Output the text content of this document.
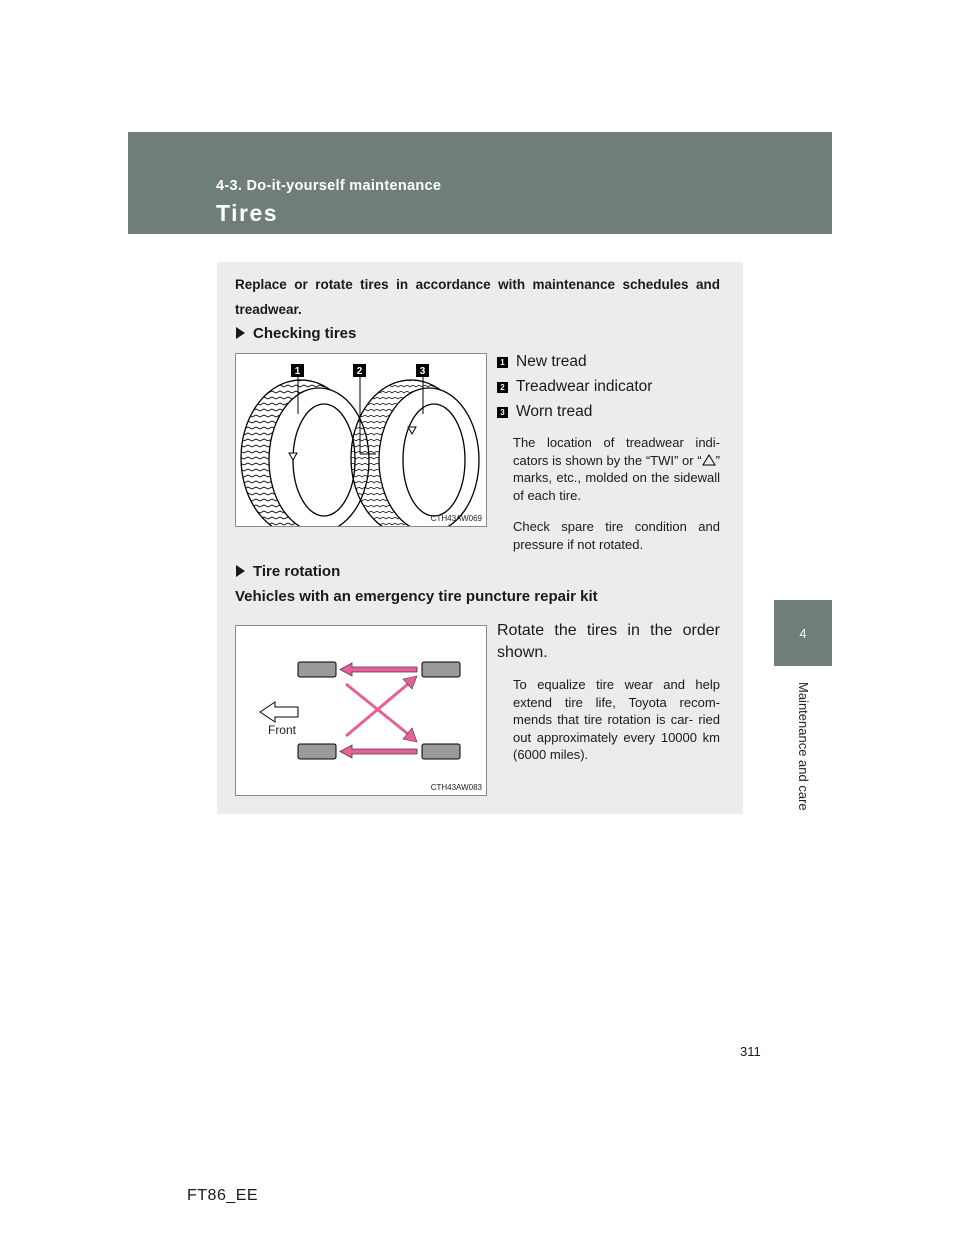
4-3. Do-it-yourself maintenance
Tires
4
Maintenance and care
Replace or rotate tires in accordance with maintenance schedules and treadwear.
Checking tires
1	2	3
CTH43AW069
1 New tread
2 Treadwear indicator
3 Worn tread
The location of treadwear indi- cators is shown by the “TWI” or “ ” marks, etc., molded on the sidewall of each tire.
Check spare tire condition and pressure if not rotated.
Tire rotation
Vehicles with an emergency tire puncture repair kit
Front
CTH43AW083
Rotate the tires in the order shown.
To equalize tire wear and help extend tire life, Toyota recom- mends that tire rotation is car- ried out approximately every 10000 km (6000 miles).
311
FT86_EE
